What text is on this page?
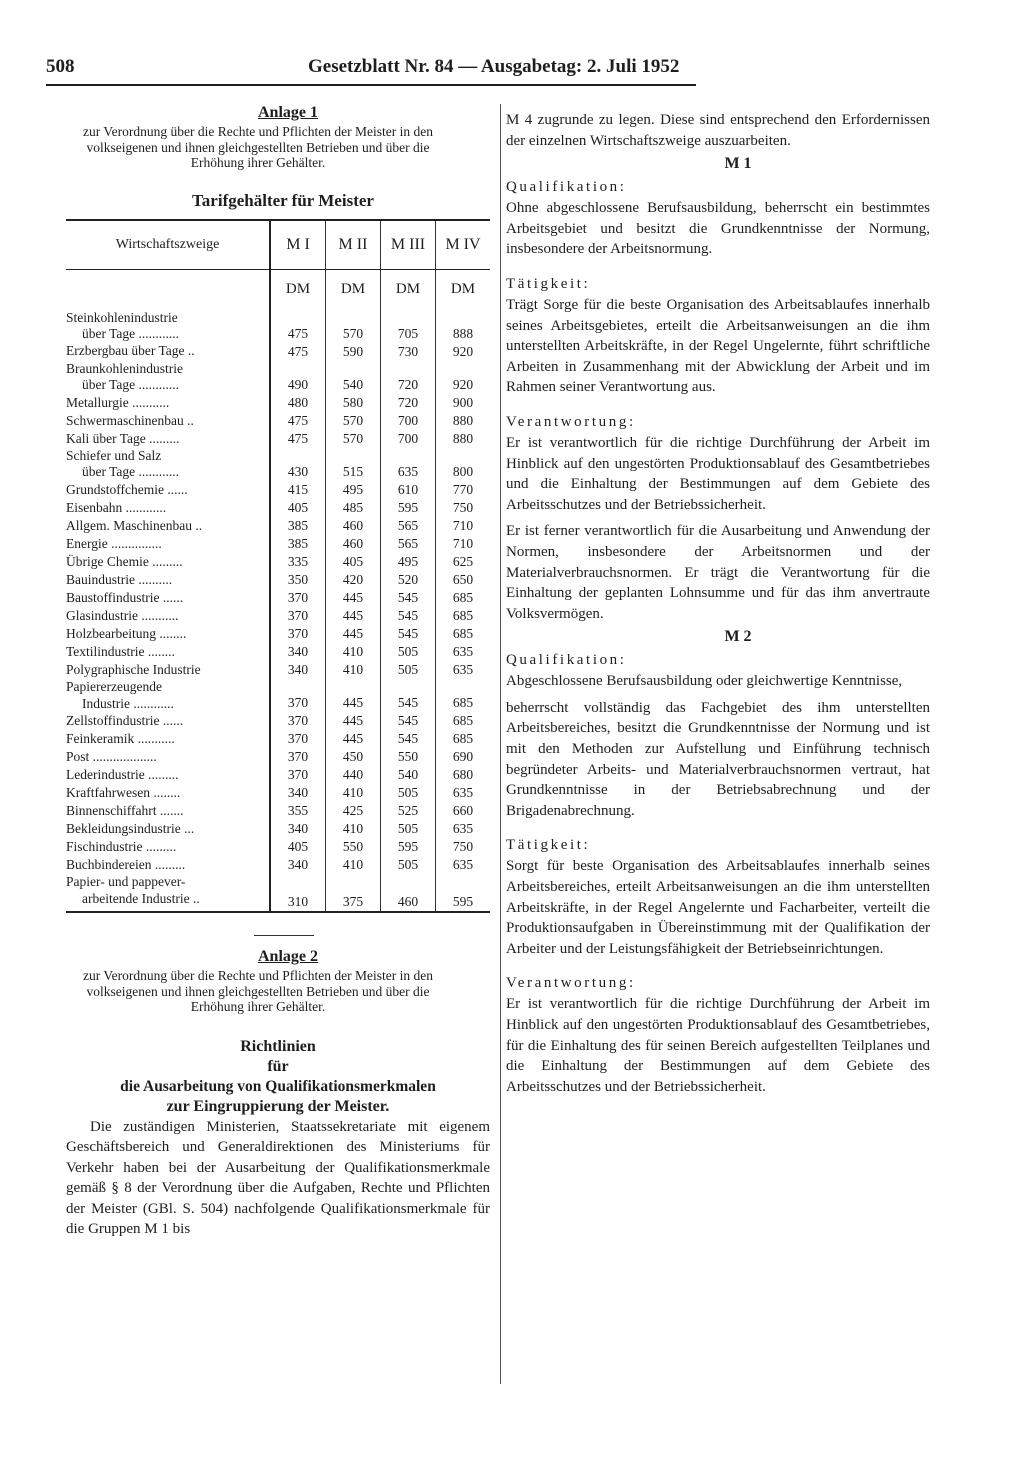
508	Gesetzblatt Nr. 84 — Ausgabetag: 2. Juli 1952
Anlage 1
zur Verordnung über die Rechte und Pflichten der Meister in den volkseigenen und ihnen gleichgestellten Betrieben und über die Erhöhung ihrer Gehälter.
Tarifgehälter für Meister
Wirtschaftszweige	M I	M II	M III	M IV
	DM	DM	DM	DM

Steinkohlenindustrie
über Tage ............	475	570	705	888

Erzbergbau über Tage ..	475	590	730	920

Braunkohlenindustrie
über Tage ............	490	540	720	920

Metallurgie ...........	480	580	720	900

Schwermaschinenbau ..	475	570	700	880

Kali über Tage .........	475	570	700	880

Schiefer und Salz
über Tage ............	430	515	635	800

Grundstoffchemie ......	415	495	610	770

Eisenbahn ............	405	485	595	750

Allgem. Maschinenbau ..	385	460	565	710

Energie ...............	385	460	565	710

Übrige Chemie .........	335	405	495	625

Bauindustrie ..........	350	420	520	650

Baustoffindustrie ......	370	445	545	685

Glasindustrie ...........	370	445	545	685

Holzbearbeitung ........	370	445	545	685

Textilindustrie ........	340	410	505	635

Polygraphische Industrie	340	410	505	635

Papiererzeugende
Industrie ............	370	445	545	685

Zellstoffindustrie ......	370	445	545	685

Feinkeramik ...........	370	445	545	685

Post ...................	370	450	550	690

Lederindustrie .........	370	440	540	680

Kraftfahrwesen ........	340	410	505	635

Binnenschiffahrt .......	355	425	525	660

Bekleidungsindustrie ...	340	410	505	635

Fischindustrie .........	405	550	595	750

Buchbindereien .........	340	410	505	635

Papier- und pappever-
arbeitende Industrie ..	310	375	460	595
Anlage 2
zur Verordnung über die Rechte und Pflichten der Meister in den volkseigenen und ihnen gleichgestellten Betrieben und über die Erhöhung ihrer Gehälter.
Richtlinien
für
die Ausarbeitung von Qualifikationsmerkmalen
zur Eingruppierung der Meister.

Die zuständigen Ministerien, Staatssekretariate mit eigenem Geschäftsbereich und Generaldirektionen des Ministeriums für Verkehr haben bei der Ausarbeitung der Qualifikationsmerkmale gemäß § 8 der Verordnung über die Aufgaben, Rechte und Pflichten der Meister (GBl. S. 504) nachfolgende Qualifikationsmerkmale für die Gruppen M 1 bis

M 4 zugrunde zu legen. Diese sind entsprechend den Erfordernissen der einzelnen Wirtschaftszweige auszuarbeiten.

M 1
Qualifikation:

Ohne abgeschlossene Berufsausbildung, beherrscht ein bestimmtes Arbeitsgebiet und besitzt die Grundkenntnisse der Normung, insbesondere der Arbeitsnormung.

Tätigkeit:

Trägt Sorge für die beste Organisation des Arbeitsablaufes innerhalb seines Arbeitsgebietes, erteilt die Arbeitsanweisungen an die ihm unterstellten Arbeitskräfte, in der Regel Ungelernte, führt schriftliche Arbeiten in Zusammenhang mit der Abwicklung der Arbeit und im Rahmen seiner Verantwortung aus.

Verantwortung:

Er ist verantwortlich für die richtige Durchführung der Arbeit im Hinblick auf den ungestörten Produktionsablauf des Gesamtbetriebes und die Einhaltung der Bestimmungen auf dem Gebiete des Arbeitsschutzes und der Betriebssicherheit.

Er ist ferner verantwortlich für die Ausarbeitung und Anwendung der Normen, insbesondere der Arbeitsnormen und der Materialverbrauchsnormen. Er trägt die Verantwortung für die Einhaltung der geplanten Lohnsumme und für das ihm anvertraute Volksvermögen.

M 2
Qualifikation:

Abgeschlossene Berufsausbildung oder gleichwertige Kenntnisse,

beherrscht vollständig das Fachgebiet des ihm unterstellten Arbeitsbereiches, besitzt die Grundkenntnisse der Normung und ist mit den Methoden zur Aufstellung und Einführung technisch begründeter Arbeits- und Materialverbrauchsnormen vertraut, hat Grundkenntnisse in der Betriebsabrechnung und der Brigadenabrechnung.

Tätigkeit:

Sorgt für beste Organisation des Arbeitsablaufes innerhalb seines Arbeitsbereiches, erteilt Arbeitsanweisungen an die ihm unterstellten Arbeitskräfte, in der Regel Angelernte und Facharbeiter, verteilt die Produktionsaufgaben in Übereinstimmung mit der Qualifikation der Arbeiter und der Leistungsfähigkeit der Betriebseinrichtungen.

Verantwortung:

Er ist verantwortlich für die richtige Durchführung der Arbeit im Hinblick auf den ungestörten Produktionsablauf des Gesamtbetriebes, für die Einhaltung des für seinen Bereich aufgestellten Teilplanes und die Einhaltung der Bestimmungen auf dem Gebiete des Arbeitsschutzes und der Betriebssicherheit.
